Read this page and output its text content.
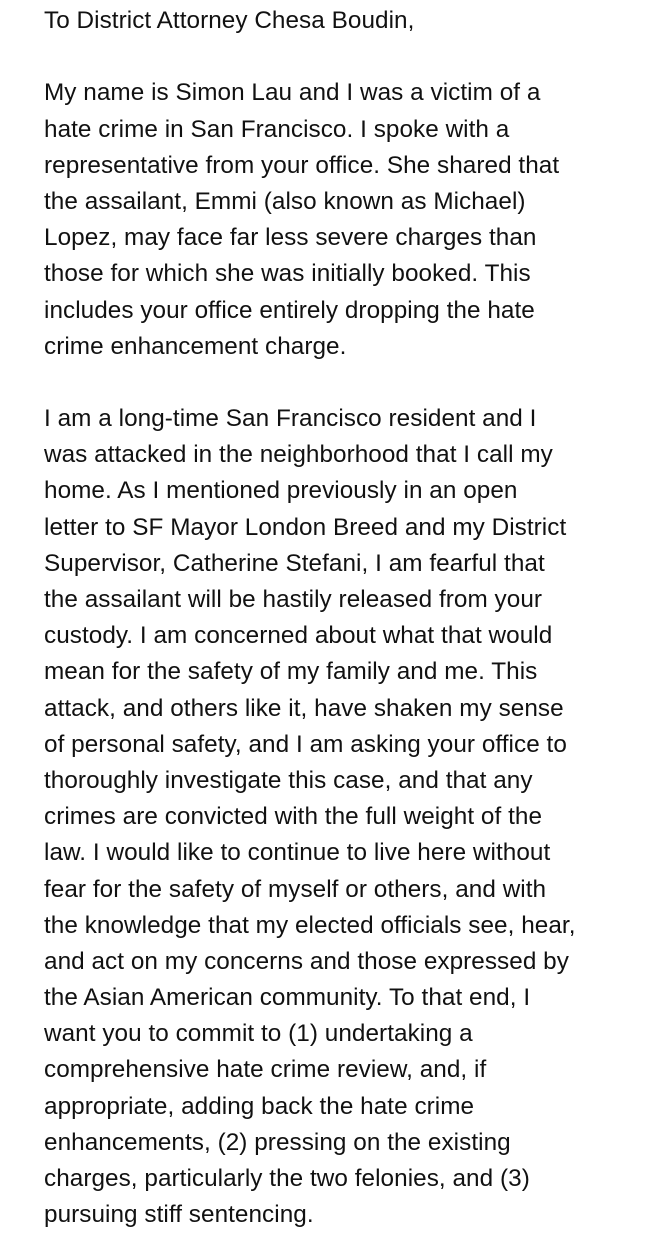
To District Attorney Chesa Boudin,
My name is Simon Lau and I was a victim of a
hate crime in San Francisco. I spoke with a
representative from your office. She shared that
the assailant, Emmi (also known as Michael)
Lopez, may face far less severe charges than
those for which she was initially booked. This
includes your office entirely dropping the hate
crime enhancement charge.
I am a long-time San Francisco resident and I
was attacked in the neighborhood that I call my
home. As I mentioned previously in an open
letter to SF Mayor London Breed and my District
Supervisor, Catherine Stefani, I am fearful that
the assailant will be hastily released from your
custody. I am concerned about what that would
mean for the safety of my family and me. This
attack, and others like it, have shaken my sense
of personal safety, and I am asking your office to
thoroughly investigate this case, and that any
crimes are convicted with the full weight of the
law. I would like to continue to live here without
fear for the safety of myself or others, and with
the knowledge that my elected officials see, hear,
and act on my concerns and those expressed by
the Asian American community. To that end, I
want you to commit to (1) undertaking a
comprehensive hate crime review, and, if
appropriate, adding back the hate crime
enhancements, (2) pressing on the existing
charges, particularly the two felonies, and (3)
pursuing stiff sentencing.
